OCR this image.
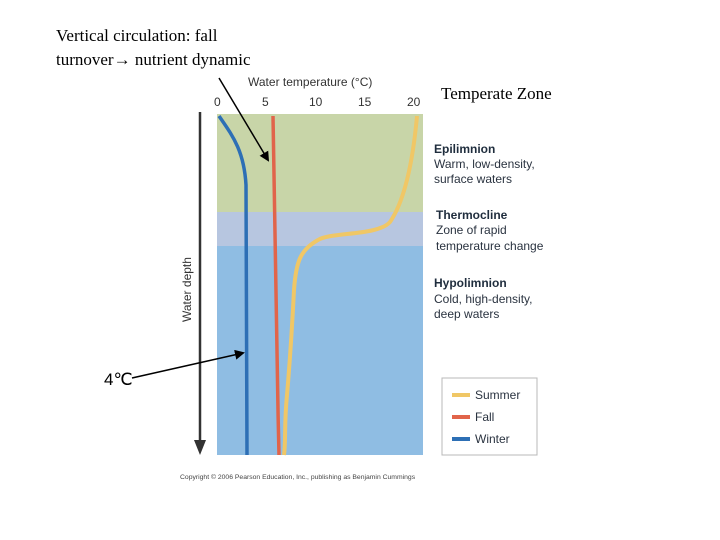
Vertical circulation: fall
turnover→ nutrient dynamic
Temperate Zone
4℃
Water temperature (°C)
0	5	10	15	20
Water depth
Epilimnion
Warm, low-density,
surface waters
Thermocline
Zone of rapid
temperature change
Hypolimnion
Cold, high-density,
deep waters
Summer
Fall
Winter
Copyright © 2006 Pearson Education, Inc., publishing as Benjamin Cummings
